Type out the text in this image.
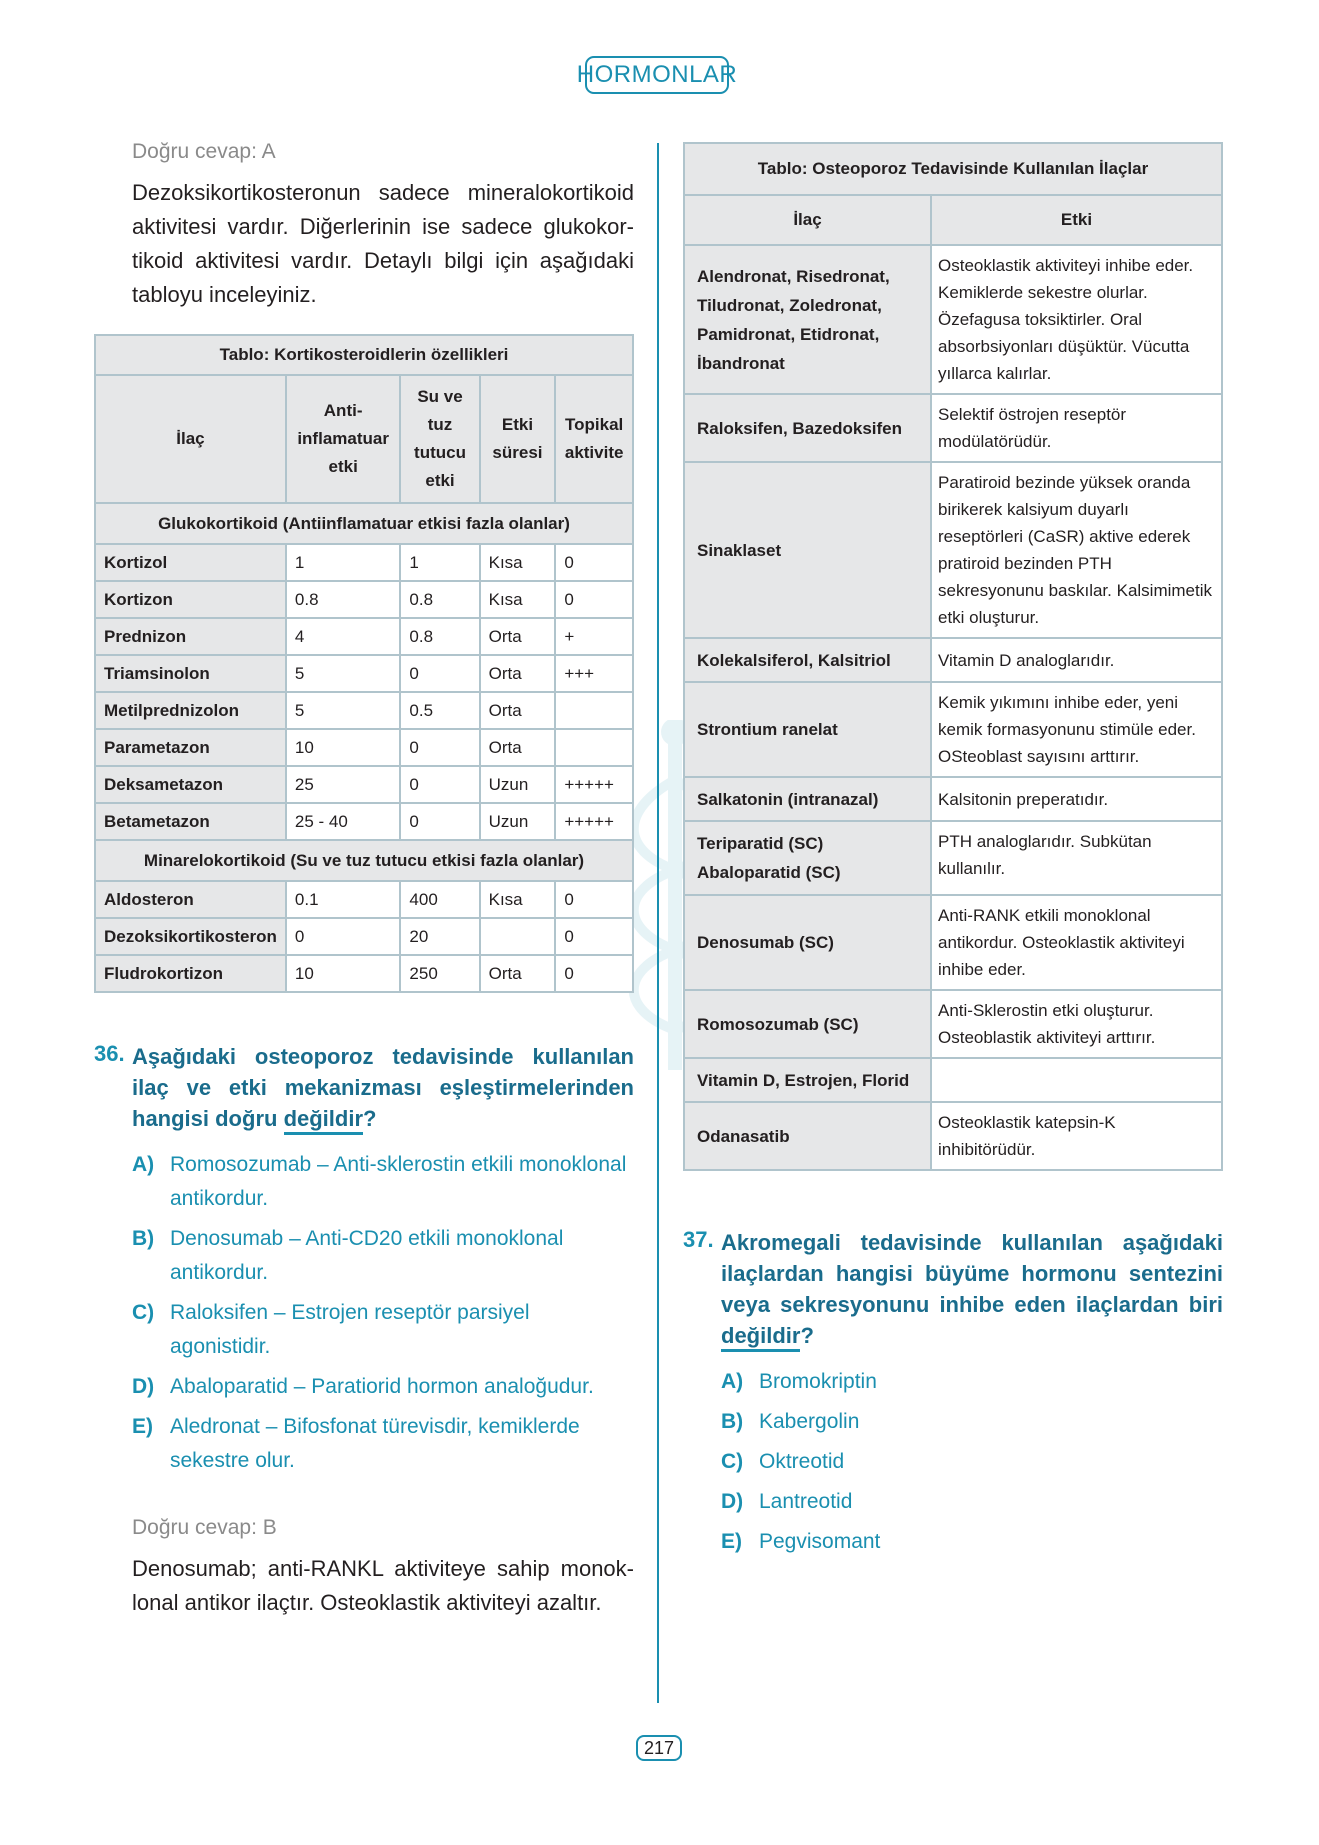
HORMONLAR
Doğru cevap: A
Dezoksikortikosteronun sadece mineralokortikoid aktivitesi vardır. Diğerlerinin ise sadece glukokor-tikoid aktivitesi vardır. Detaylı bilgi için aşağıdaki tabloyu inceleyiniz.
Tablo: Kortikosteroidlerin özellikleri				
İlaç	Anti-inflamatuar etki	Su ve tuz tutucu etki	Etki süresi	Topikal aktivite
Glukokortikoid (Antiinflamatuar etkisi fazla olanlar)				
Kortizol	1	1	Kısa	0
Kortizon	0.8	0.8	Kısa	0
Prednizon	4	0.8	Orta	+
Triamsinolon	5	0	Orta	+++
Metilprednizolon	5	0.5	Orta	
Parametazon	10	0	Orta	
Deksametazon	25	0	Uzun	+++++
Betametazon	25 - 40	0	Uzun	+++++
Minarelokortikoid (Su ve tuz tutucu etkisi fazla olanlar)				
Aldosteron	0.1	400	Kısa	0
Dezoksikortikosteron	0	20		0
Fludrokortizon	10	250	Orta	0
36. Aşağıdaki osteoporoz tedavisinde kullanılan ilaç ve etki mekanizması eşleştirmelerinden hangisi doğru değildir?
A) Romosozumab – Anti-sklerostin etkili monoklonal antikordur.
B) Denosumab – Anti-CD20 etkili monoklonal antikordur.
C) Raloksifen – Estrojen reseptör parsiyel agonistidir.
D) Abaloparatid – Paratiorid hormon analoğudur.
E) Aledronat – Bifosfonat türevisdir, kemiklerde sekestre olur.
Doğru cevap: B
Denosumab; anti-RANKL aktiviteye sahip monok-lonal antikor ilaçtır. Osteoklastik aktiviteyi azaltır.
Tablo: Osteoporoz Tedavisinde Kullanılan İlaçlar	
İlaç	Etki
Alendronat, Risedronat, Tiludronat, Zoledronat, Pamidronat, Etidronat, İbandronat	Osteoklastik aktiviteyi inhibe eder. Kemiklerde sekestre olurlar. Özefagusa toksiktirler. Oral absorbsiyonları düşüktür. Vücutta yıllarca kalırlar.
Raloksifen, Bazedoksifen	Selektif östrojen reseptör modülatörüdür.
Sinaklaset	Paratiroid bezinde yüksek oranda birikerek kalsiyum duyarlı reseptörleri (CaSR) aktive ederek pratiroid bezinden PTH sekresyonunu baskılar. Kalsimimetik etki oluşturur.
Kolekalsiferol, Kalsitriol	Vitamin D analoglarıdır.
Strontium ranelat	Kemik yıkımını inhibe eder, yeni kemik formasyonunu stimüle eder. OSteoblast sayısını arttırır.
Salkatonin (intranazal)	Kalsitonin preperatıdır.
Teriparatid (SC)
Abaloparatid (SC)	PTH analoglarıdır. Subkütan kullanılır.
Denosumab (SC)	Anti-RANK etkili monoklonal antikordur. Osteoklastik aktiviteyi inhibe eder.
Romosozumab (SC)	Anti-Sklerostin etki oluşturur. Osteoblastik aktiviteyi arttırır.
Vitamin D, Estrojen, Florid	
Odanasatib	Osteoklastik katepsin-K inhibitörüdür.
37. Akromegali tedavisinde kullanılan aşağıdaki ilaçlardan hangisi büyüme hormonu sentezini veya sekresyonunu inhibe eden ilaçlardan biri değildir?
A) Bromokriptin
B) Kabergolin
C) Oktreotid
D) Lantreotid
E) Pegvisomant
217
